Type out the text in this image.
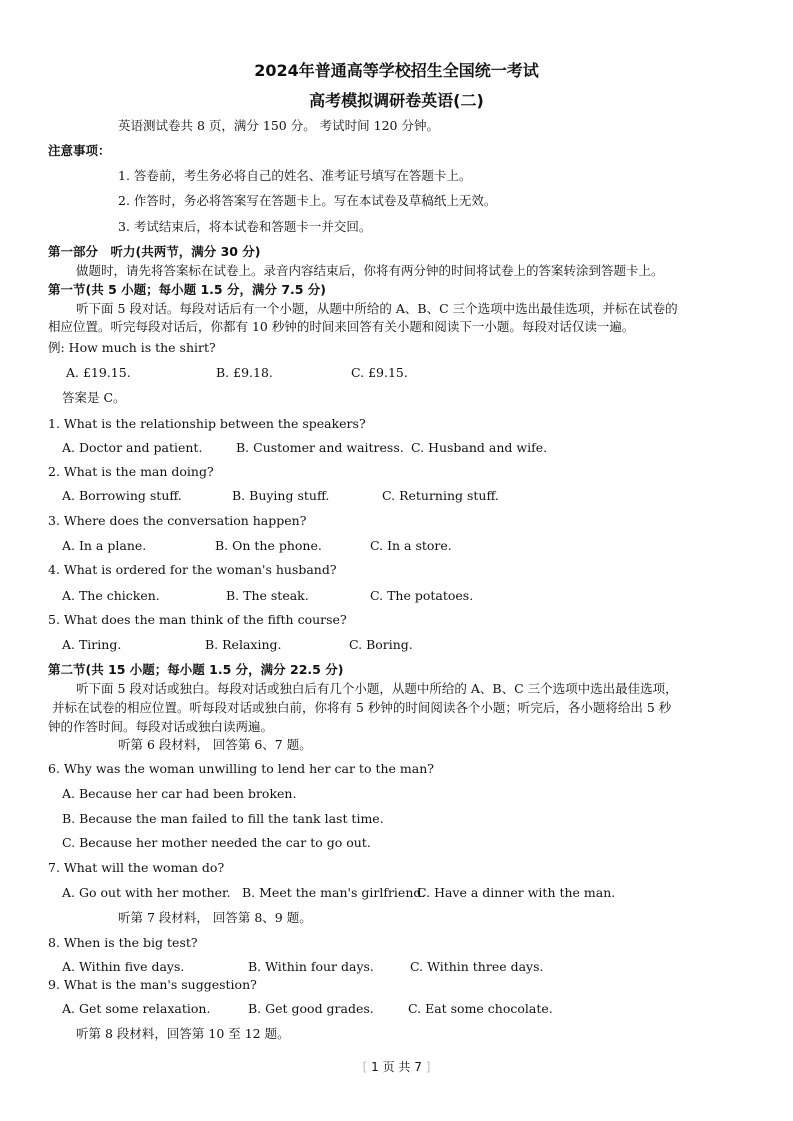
2024年普通高等学校招生全国统一考试
高考模拟调研卷英语(二)
英语测试卷共 8 页，满分 150 分。 考试时间 120 分钟。
注意事项：
1. 答卷前，考生务必将自己的姓名、准考证号填写在答题卡上。
2. 作答时，务必将答案写在答题卡上。写在本试卷及草稿纸上无效。
3. 考试结束后，将本试卷和答题卡一并交回。
第一部分　听力(共两节，满分 30 分)
做题时，请先将答案标在试卷上。录音内容结束后，你将有两分钟的时间将试卷上的答案转涂到答题卡上。
第一节(共 5 小题；每小题 1.5 分，满分 7.5 分)
听下面 5 段对话。每段对话后有一个小题，从题中所给的 A、B、C 三个选项中选出最佳选项，并标在试卷的
相应位置。听完每段对话后，你都有 10 秒钟的时间来回答有关小题和阅读下一小题。每段对话仅读一遍。
例: How much is the shirt?
A. £19.15.	B. £9.18.	C. £9.15.
答案是 C。
1. What is the relationship between the speakers?
A. Doctor and patient.	B. Customer and waitress. C. Husband and wife.
2. What is the man doing?
A. Borrowing stuff.	B. Buying stuff.	C. Returning stuff.
3. Where does the conversation happen?
A. In a plane.	B. On the phone.	C. In a store.
4. What is ordered for the woman's husband?
A. The chicken.	B. The steak.	C. The potatoes.
5. What does the man think of the fifth course?
A. Tiring.	B. Relaxing.	C. Boring.
第二节(共 15 小题；每小题 1.5 分，满分 22.5 分)
听下面 5 段对话或独白。每段对话或独白后有几个小题，从题中所给的 A、B、C 三个选项中选出最佳选项，
并标在试卷的相应位置。听每段对话或独白前，你将有 5 秒钟的时间阅读各个小题；听完后，各小题将给出 5 秒
钟的作答时间。每段对话或独白读两遍。
听第 6 段材料， 回答第 6、7 题。
6. Why was the woman unwilling to lend her car to the man?
A. Because her car had been broken.
B. Because the man failed to fill the tank last time.
C. Because her mother needed the car to go out.
7. What will the woman do?
A. Go out with her mother. B. Meet the man's girlfriend.
C. Have a dinner with the man.
听第 7 段材料， 回答第 8、9 题。
8. When is the big test?
A. Within five days.	B. Within four days.	C. Within three days.
9. What is the man's suggestion?
A. Get some relaxation.	B. Get good grades.	C. Eat some chocolate.
听第 8 段材料，回答第 10 至 12 题。
[ 1 页 共 7 ]
